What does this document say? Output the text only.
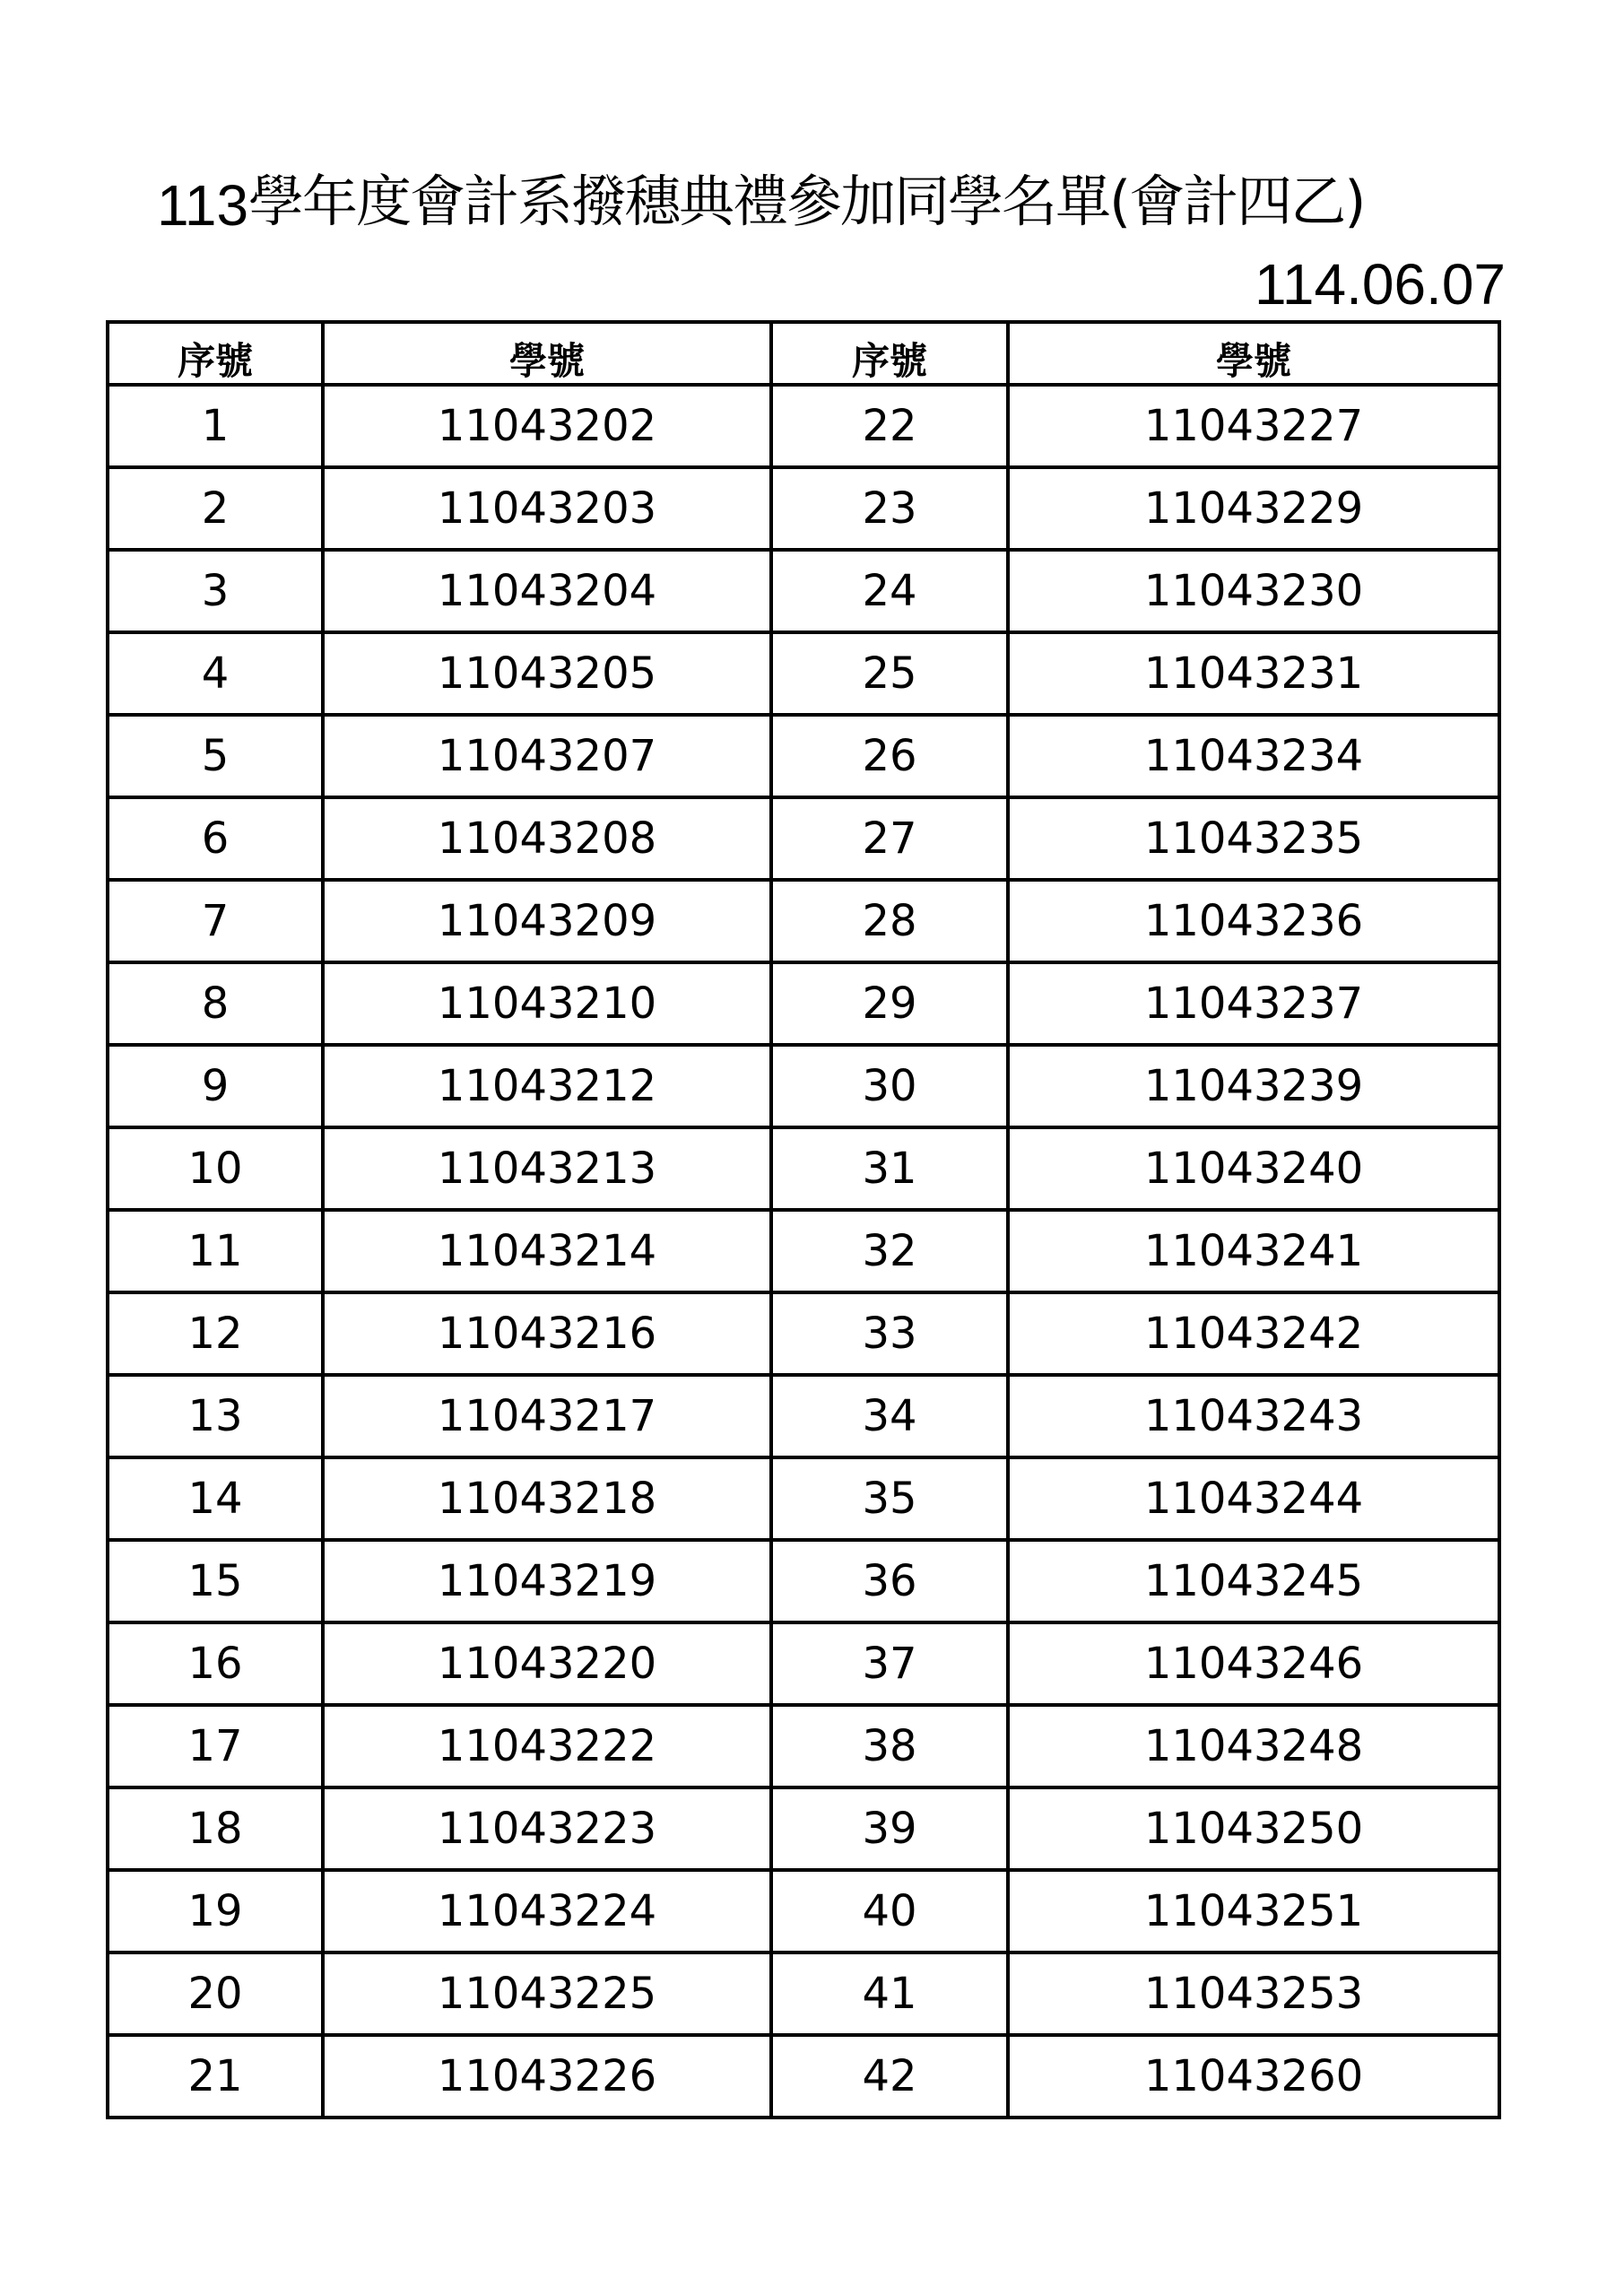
113 學年度會計系撥穗典禮參加同學名單(會計四乙)
114.06.07
序號	學號	序號	學號
1	11043202	22	11043227
2	11043203	23	11043229
3	11043204	24	11043230
4	11043205	25	11043231
5	11043207	26	11043234
6	11043208	27	11043235
7	11043209	28	11043236
8	11043210	29	11043237
9	11043212	30	11043239
10	11043213	31	11043240
11	11043214	32	11043241
12	11043216	33	11043242
13	11043217	34	11043243
14	11043218	35	11043244
15	11043219	36	11043245
16	11043220	37	11043246
17	11043222	38	11043248
18	11043223	39	11043250
19	11043224	40	11043251
20	11043225	41	11043253
21	11043226	42	11043260
